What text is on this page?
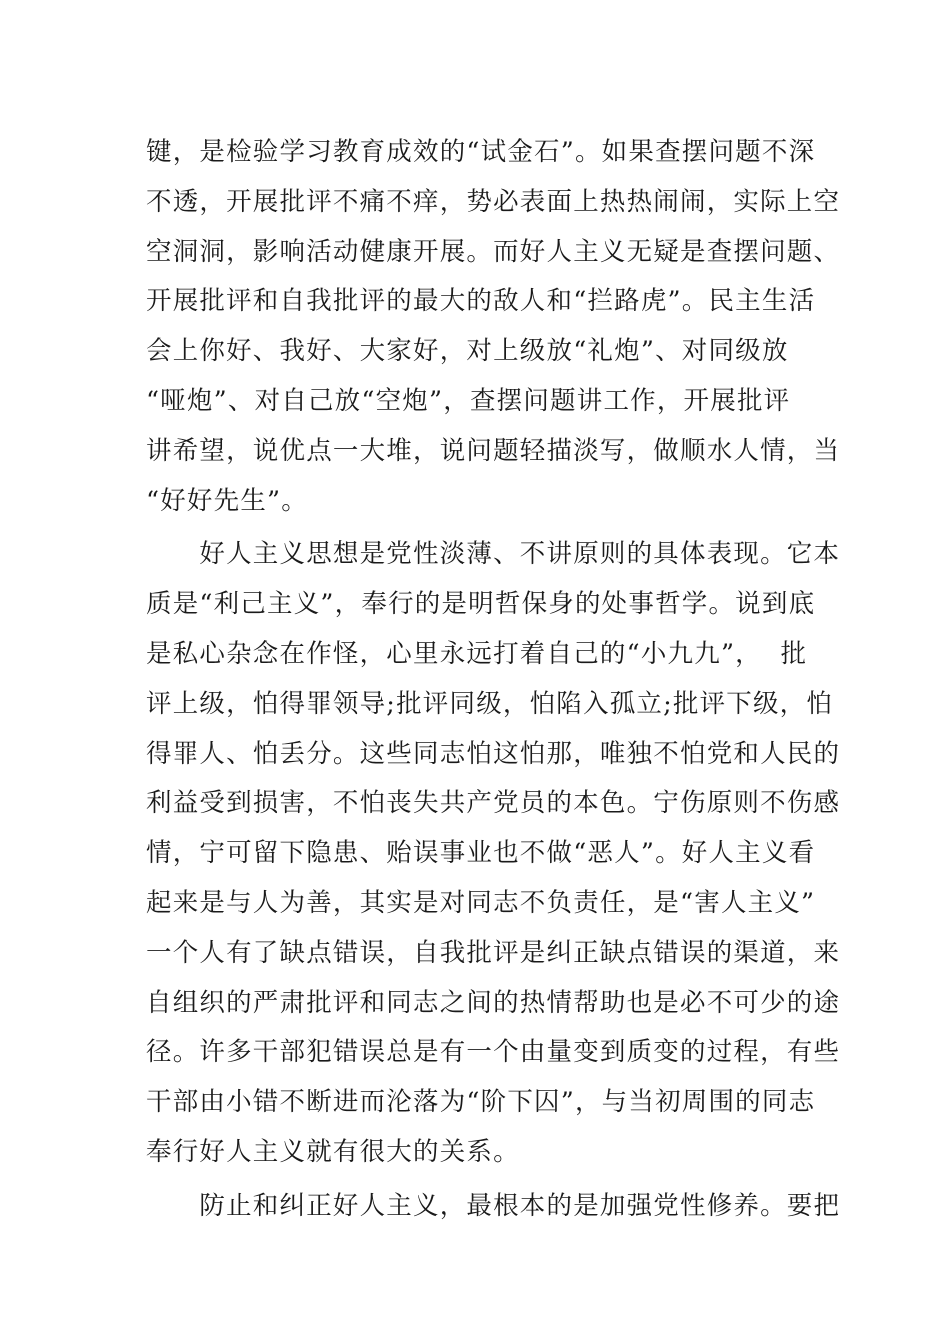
键，是检验学习教育成效的“试金石”。如果查摆问题不深
不透，开展批评不痛不痒，势必表面上热热闹闹，实际上空
空洞洞，影响活动健康开展。而好人主义无疑是查摆问题、
开展批评和自我批评的最大的敌人和“拦路虎”。民主生活
会上你好、我好、大家好，对上级放“礼炮”、对同级放
“哑炮”、对自己放“空炮”，查摆问题讲工作，开展批评
讲希望，说优点一大堆，说问题轻描淡写，做顺水人情，当
“好好先生”。
　　好人主义思想是党性淡薄、不讲原则的具体表现。它本
质是“利己主义”，奉行的是明哲保身的处事哲学。说到底
是私心杂念在作怪，心里永远打着自己的“小九九”，  批
评上级，怕得罪领导;批评同级，怕陷入孤立;批评下级，怕
得罪人、怕丢分。这些同志怕这怕那，唯独不怕党和人民的
利益受到损害，不怕丧失共产党员的本色。宁伤原则不伤感
情，宁可留下隐患、贻误事业也不做“恶人”。好人主义看
起来是与人为善，其实是对同志不负责任，是“害人主义”
一个人有了缺点错误，自我批评是纠正缺点错误的渠道，来
自组织的严肃批评和同志之间的热情帮助也是必不可少的途
径。许多干部犯错误总是有一个由量变到质变的过程，有些
干部由小错不断进而沦落为“阶下囚”，与当初周围的同志
奉行好人主义就有很大的关系。
　　防止和纠正好人主义，最根本的是加强党性修养。要把
